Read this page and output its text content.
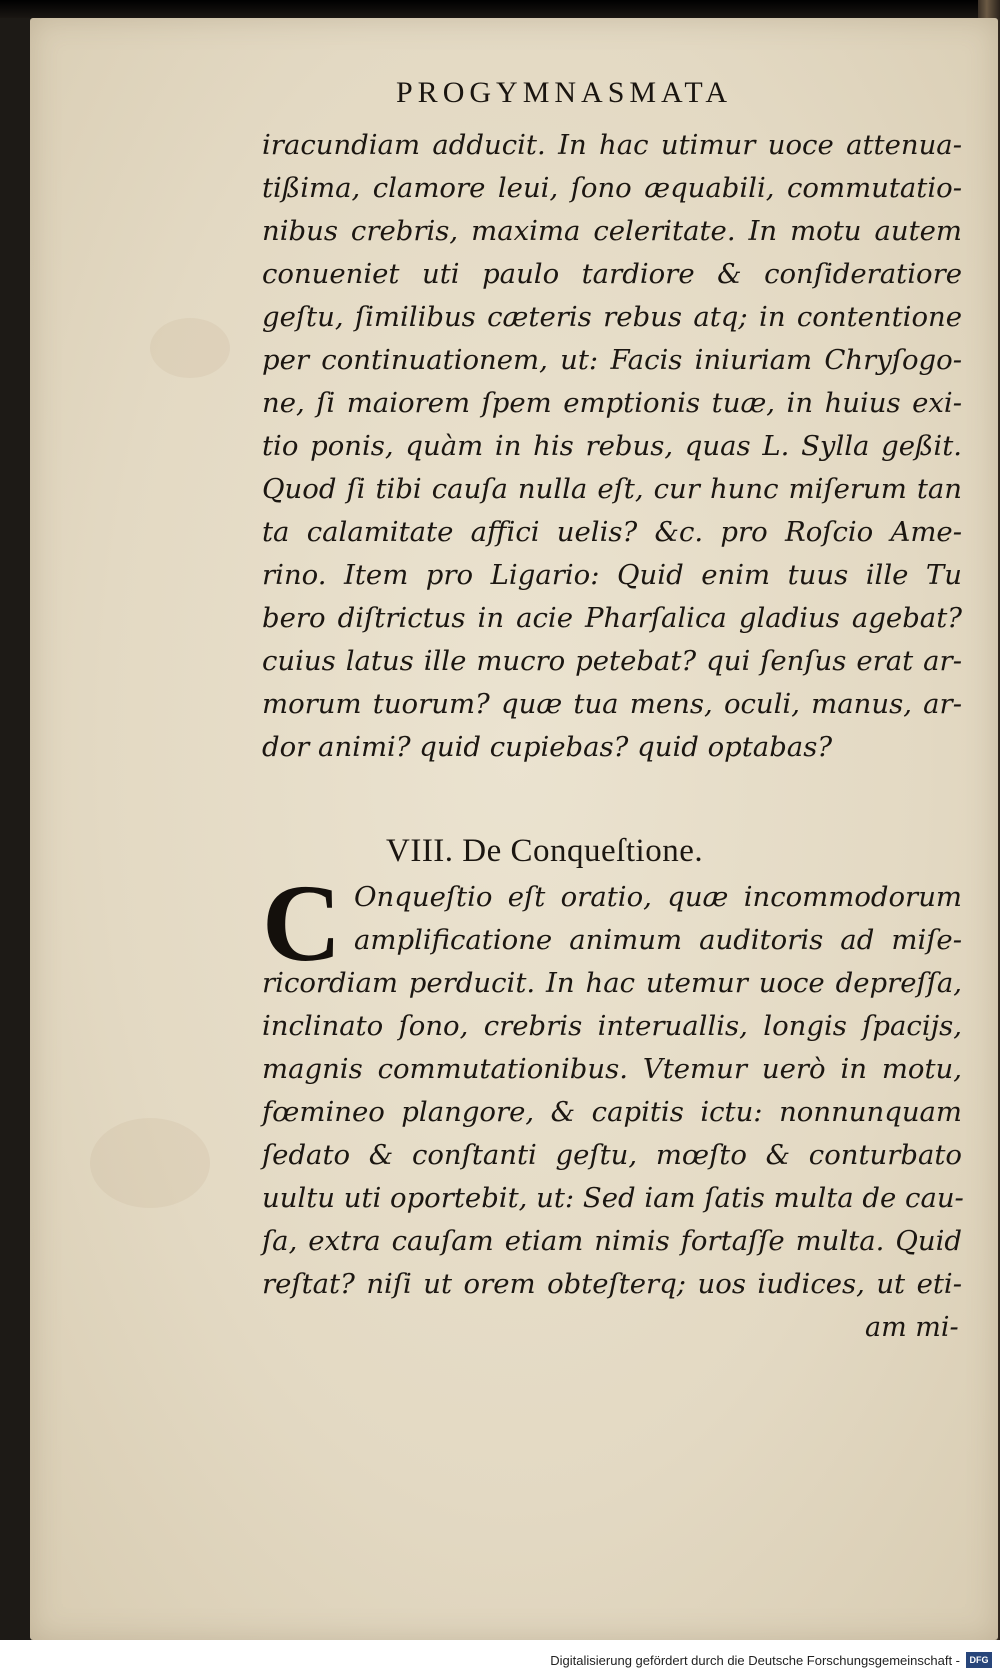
PROGYMNASMATA
iracundiam adducit. In hac utimur uoce attenua-
tißima, clamore leui, ſono æquabili, commutatio-
nibus crebris, maxima celeritate. In motu autem
conueniet uti paulo tardiore & conſideratiore
geſtu, ſimilibus cæteris rebus atq; in contentione
per continuationem, ut: Facis iniuriam Chryſogo-
ne, ſi maiorem ſpem emptionis tuæ, in huius exi-
tio ponis, quàm in his rebus, quas L. Sylla geßit.
Quod ſi tibi cauſa nulla eſt, cur hunc miſerum tan
ta calamitate affici uelis? &c. pro Roſcio Ame-
rino. Item pro Ligario: Quid enim tuus ille Tu
bero diſtrictus in acie Pharſalica gladius agebat?
cuius latus ille mucro petebat? qui ſenſus erat ar-
morum tuorum? quæ tua mens, oculi, manus, ar-
dor animi? quid cupiebas? quid optabas?
VIII. De Conqueſtione.
C Onqueſtio eſt oratio, quæ incommodorum
amplificatione animum auditoris ad miſe-
ricordiam perducit. In hac utemur uoce depreſſa,
inclinato ſono, crebris interuallis, longis ſpacijs,
magnis commutationibus. Vtemur uerò in motu,
fœmineo plangore, & capitis ictu: nonnunquam
ſedato & conſtanti geſtu, mœſto & conturbato
uultu uti oportebit, ut: Sed iam ſatis multa de cau-
ſa, extra cauſam etiam nimis fortaſſe multa. Quid
reſtat? niſi ut orem obteſterq; uos iudices, ut eti-
am mi-
Digitalisierung gefördert durch die Deutsche Forschungsgemeinschaft -	DFG
